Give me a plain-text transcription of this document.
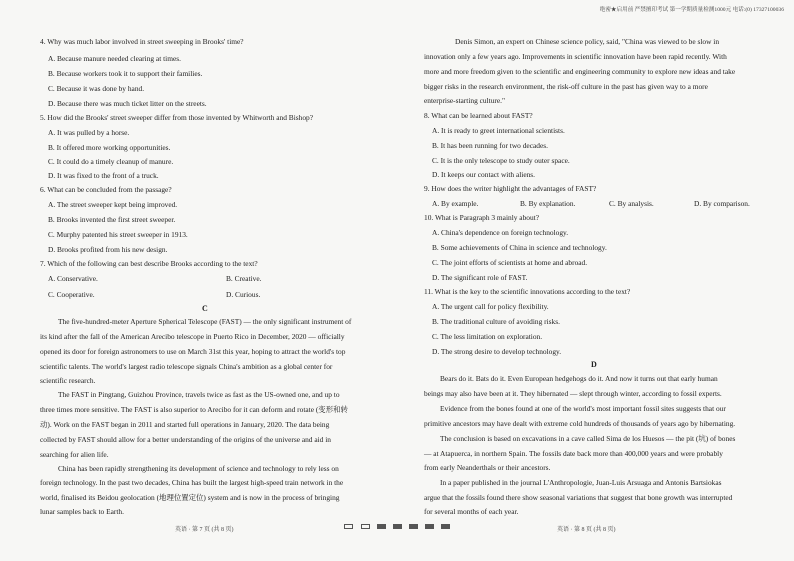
4. Why was much labor involved in street sweeping in Brooks' time?
A. Because manure needed clearing at times.
B. Because workers took it to support their families.
C. Because it was done by hand.
D. Because there was much ticket litter on the streets.
5. How did the Brooks' street sweeper differ from those invented by Whitworth and Bishop?
A. It was pulled by a horse.
B. It offered more working opportunities.
C. It could do a timely cleanup of manure.
D. It was fixed to the front of a truck.
6. What can be concluded from the passage?
A. The street sweeper kept being improved.
B. Brooks invented the first street sweeper.
C. Murphy patented his street sweeper in 1913.
D. Brooks profited from his new design.
7. Which of the following can best describe Brooks according to the text?
A. Conservative.	B. Creative.
C. Cooperative.	D. Curious.
C
The five-hundred-meter Aperture Spherical Telescope (FAST) — the only significant instrument of
its kind after the fall of the American Arecibo telescope in Puerto Rico in December, 2020 — officially
opened its door for foreign astronomers to use on March 31st this year, hoping to attract the world's top
scientific talents. The world's largest radio telescope signals China's ambition as a global center for
scientific research.
The FAST in Pingtang, Guizhou Province, travels twice as fast as the US-owned one, and up to
three times more sensitive. The FAST is also superior to Arecibo for it can deform and rotate (变形和转
动). Work on the FAST began in 2011 and started full operations in January, 2020. The data being
collected by FAST should allow for a better understanding of the origins of the universe and aid in
searching for alien life.
China has been rapidly strengthening its development of science and technology to rely less on
foreign technology. In the past two decades, China has built the largest high-speed train network in the
world, finalised its Beidou geolocation (地理位置定位) system and is now in the process of bringing
lunar samples back to Earth.
Denis Simon, an expert on Chinese science policy, said, "China was viewed to be slow in
innovation only a few years ago. Improvements in scientific innovation have been rapid recently. With
more and more freedom given to the scientific and engineering community to explore new ideas and take
bigger risks in the research environment, the risk-off culture in the past has given way to a more
enterprise-starting culture."
8. What can be learned about FAST?
A. It is ready to greet international scientists.
B. It has been running for two decades.
C. It is the only telescope to study outer space.
D. It keeps our contact with aliens.
9. How does the writer highlight the advantages of FAST?
A. By example.	B. By explanation.	C. By analysis.	D. By comparison.
10. What is Paragraph 3 mainly about?
A. China's dependence on foreign technology.
B. Some achievements of China in science and technology.
C. The joint efforts of scientists at home and abroad.
D. The significant role of FAST.
11. What is the key to the scientific innovations according to the text?
A. The urgent call for policy flexibility.
B. The traditional culture of avoiding risks.
C. The less limitation on exploration.
D. The strong desire to develop technology.
D
Bears do it. Bats do it. Even European hedgehogs do it. And now it turns out that early human
beings may also have been at it. They hibernated — slept through winter, according to fossil experts.
Evidence from the bones found at one of the world's most important fossil sites suggests that our
primitive ancestors may have dealt with extreme cold hundreds of thousands of years ago by hibernating.
The conclusion is based on excavations in a cave called Sima de los Huesos — the pit (坑) of bones
— at Atapuerca, in northern Spain. The fossils date back more than 400,000 years and were probably
from early Neanderthals or their ancestors.
In a paper published in the journal L'Anthropologie, Juan-Luis Arsuaga and Antonis Bartsiokas
argue that the fossils found there show seasonal variations that suggest that bone growth was interrupted
for several months of each year.
绝密★启用前 严禁擅印考试 第一学期质量检测1000元 电话:(0) 17327100036
英语 · 第 7 页 (共 8 页)	英语 · 第 8 页 (共 8 页)
